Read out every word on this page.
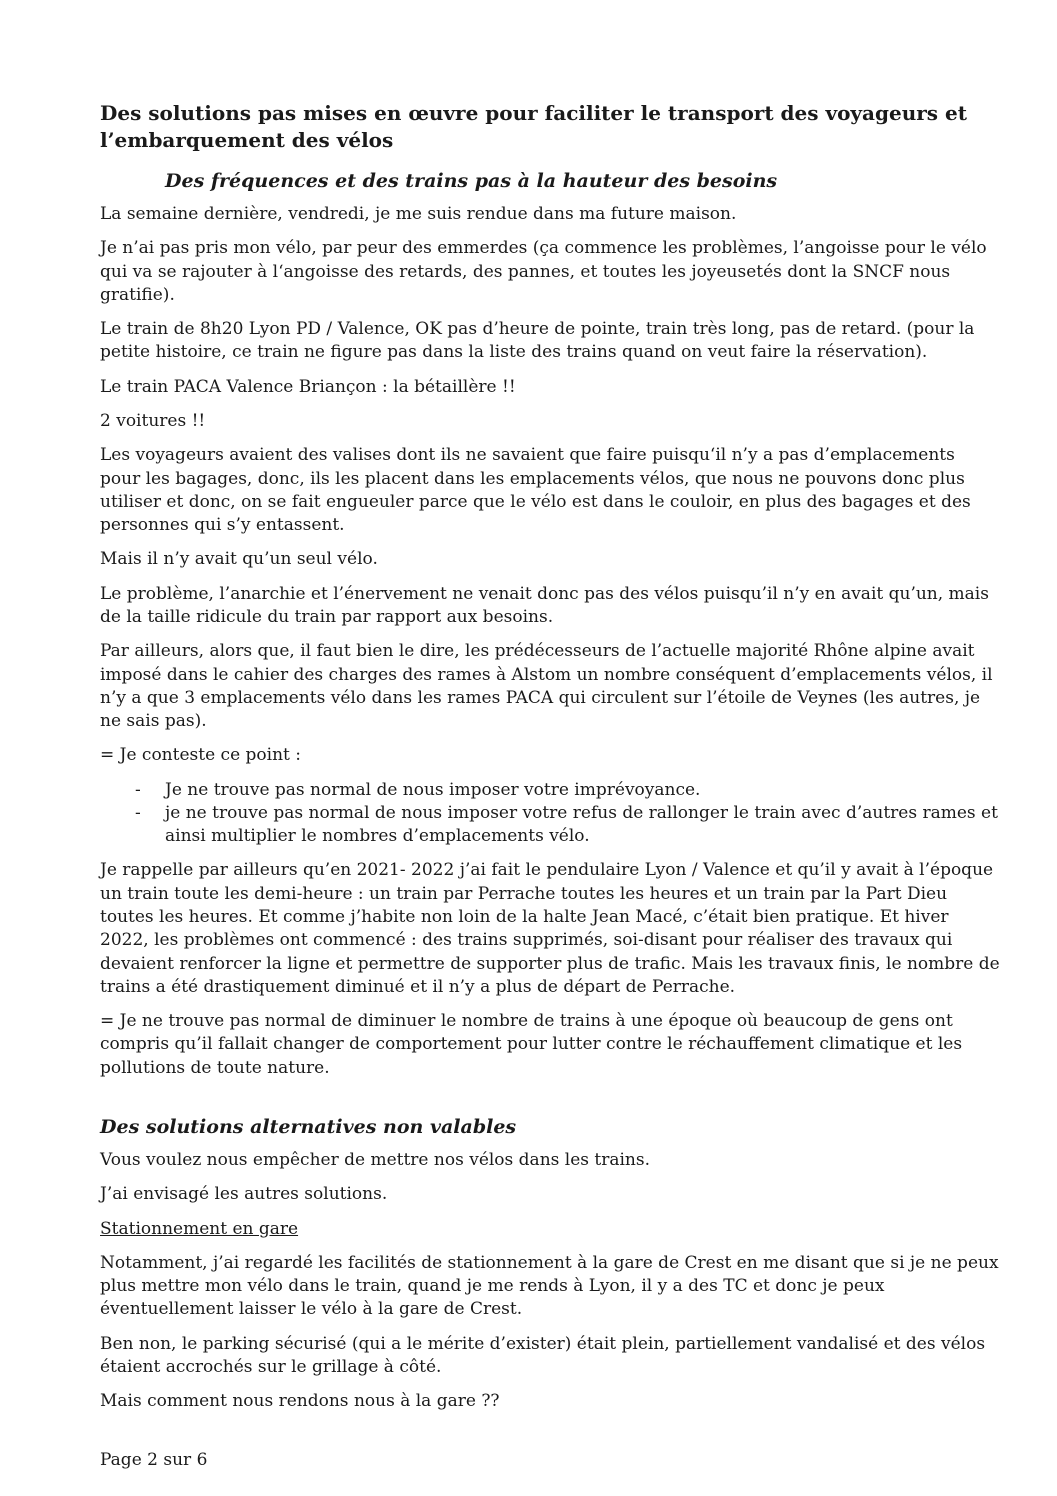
Des solutions pas mises en œuvre pour faciliter le transport des voyageurs et l’embarquement des vélos
Des fréquences et des trains pas à la hauteur des besoins

La semaine dernière, vendredi, je me suis rendue dans ma future maison.

Je n’ai pas pris mon vélo, par peur des emmerdes (ça commence les problèmes, l’angoisse pour le vélo qui va se rajouter à l‘angoisse des retards, des pannes, et toutes les joyeusetés dont la SNCF nous gratifie).

Le train de 8h20 Lyon PD / Valence, OK pas d’heure de pointe, train très long, pas de retard. (pour la petite histoire, ce train ne figure pas dans la liste des trains quand on veut faire la réservation).

Le train PACA Valence Briançon : la bétaillère !!

2 voitures !!

Les voyageurs avaient des valises dont ils ne savaient que faire puisqu‘il n’y a pas d’emplacements pour les bagages, donc, ils les placent dans les emplacements vélos, que nous ne pouvons donc plus utiliser et donc, on se fait engueuler parce que le vélo est dans le couloir, en plus des bagages et des personnes qui s’y entassent.

Mais il n’y avait qu’un seul vélo.

Le problème, l’anarchie et l’énervement ne venait donc pas des vélos puisqu’il n’y en avait qu’un, mais de la taille ridicule du train par rapport aux besoins.

Par ailleurs, alors que, il faut bien le dire, les prédécesseurs de l’actuelle majorité Rhône alpine avait imposé dans le cahier des charges des rames à Alstom un nombre conséquent d’emplacements vélos, il n’y a que 3 emplacements vélo dans les rames PACA qui circulent sur l’étoile de Veynes (les autres, je ne sais pas).

= Je conteste ce point :

-	Je ne trouve pas normal de nous imposer votre imprévoyance.
-	je ne trouve pas normal de nous imposer votre refus de rallonger le train avec d’autres rames et ainsi multiplier le nombres d’emplacements vélo.

Je rappelle par ailleurs qu’en 2021- 2022 j’ai fait le pendulaire Lyon / Valence et qu’il y avait à l’époque un train toute les demi-heure : un train par Perrache toutes les heures et un train par la Part Dieu toutes les heures. Et comme j’habite non loin de la halte Jean Macé, c’était bien pratique. Et hiver 2022, les problèmes ont commencé : des trains supprimés, soi-disant pour réaliser des travaux qui devaient renforcer la ligne et permettre de supporter plus de trafic. Mais les travaux finis, le nombre de trains a été drastiquement diminué et il n’y a plus de départ de Perrache.

= Je ne trouve pas normal de diminuer le nombre de trains à une époque où beaucoup de gens ont compris qu’il fallait changer de comportement pour lutter contre le réchauffement climatique et les pollutions de toute nature.

Des solutions alternatives non valables

Vous voulez nous empêcher de mettre nos vélos dans les trains.

J’ai envisagé les autres solutions.

Stationnement en gare

Notamment, j’ai regardé les facilités de stationnement à la gare de Crest en me disant que si je ne peux plus mettre mon vélo dans le train, quand je me rends à Lyon, il y a des TC et donc je peux éventuellement laisser le vélo à la gare de Crest.

Ben non, le parking sécurisé (qui a le mérite d’exister) était plein, partiellement vandalisé et des vélos étaient accrochés sur le grillage à côté.

Mais comment nous rendons nous à la gare ??

Page 2 sur 6
